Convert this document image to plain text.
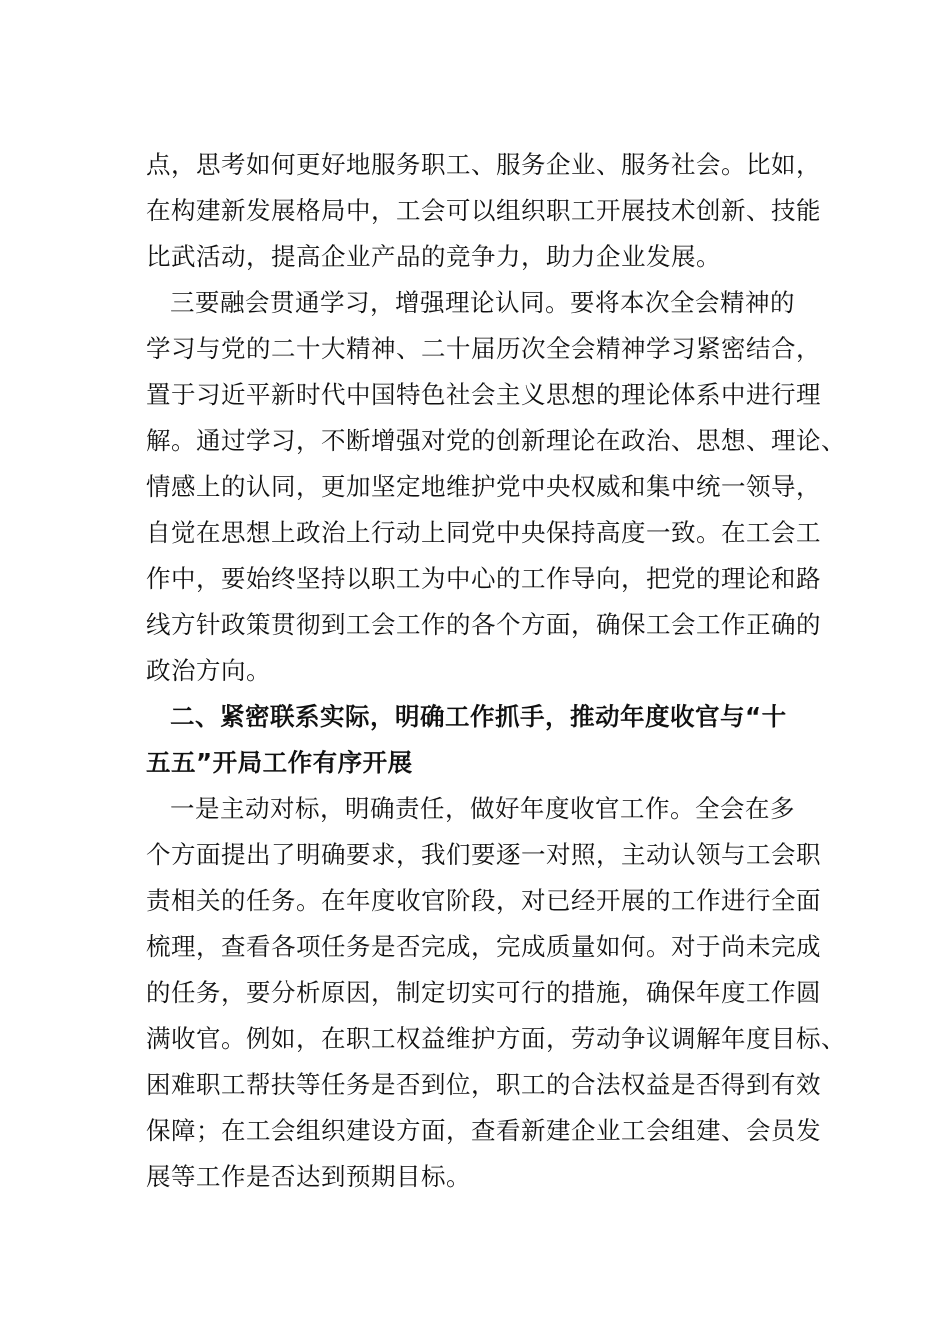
点，思考如何更好地服务职工、服务企业、服务社会。比如，
在构建新发展格局中，工会可以组织职工开展技术创新、技能
比武活动，提高企业产品的竞争力，助力企业发展。
三要融会贯通学习，增强理论认同。要将本次全会精神的
学习与党的二十大精神、二十届历次全会精神学习紧密结合，
置于习近平新时代中国特色社会主义思想的理论体系中进行理
解。通过学习，不断增强对党的创新理论在政治、思想、理论、
情感上的认同，更加坚定地维护党中央权威和集中统一领导，
自觉在思想上政治上行动上同党中央保持高度一致。在工会工
作中，要始终坚持以职工为中心的工作导向，把党的理论和路
线方针政策贯彻到工会工作的各个方面，确保工会工作正确的
政治方向。
二、紧密联系实际，明确工作抓手，推动年度收官与“十
五五”开局工作有序开展
一是主动对标，明确责任，做好年度收官工作。全会在多
个方面提出了明确要求，我们要逐一对照，主动认领与工会职
责相关的任务。在年度收官阶段，对已经开展的工作进行全面
梳理，查看各项任务是否完成，完成质量如何。对于尚未完成
的任务，要分析原因，制定切实可行的措施，确保年度工作圆
满收官。例如，在职工权益维护方面，劳动争议调解年度目标、
困难职工帮扶等任务是否到位，职工的合法权益是否得到有效
保障；在工会组织建设方面，查看新建企业工会组建、会员发
展等工作是否达到预期目标。
